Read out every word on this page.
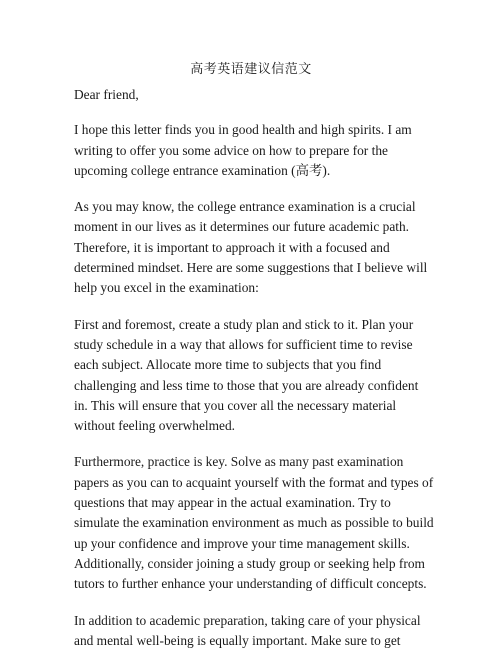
高考英语建议信范文

Dear friend,

I hope this letter finds you in good health and high spirits. I am writing to offer you some advice on how to prepare for the upcoming college entrance examination (高考).

As you may know, the college entrance examination is a crucial moment in our lives as it determines our future academic path. Therefore, it is important to approach it with a focused and determined mindset. Here are some suggestions that I believe will help you excel in the examination:

First and foremost, create a study plan and stick to it. Plan your study schedule in a way that allows for sufficient time to revise each subject. Allocate more time to subjects that you find challenging and less time to those that you are already confident in. This will ensure that you cover all the necessary material without feeling overwhelmed.

Furthermore, practice is key. Solve as many past examination papers as you can to acquaint yourself with the format and types of questions that may appear in the actual examination. Try to simulate the examination environment as much as possible to build up your confidence and improve your time management skills. Additionally, consider joining a study group or seeking help from tutors to further enhance your understanding of difficult concepts.

In addition to academic preparation, taking care of your physical and mental well-being is equally important. Make sure to get
